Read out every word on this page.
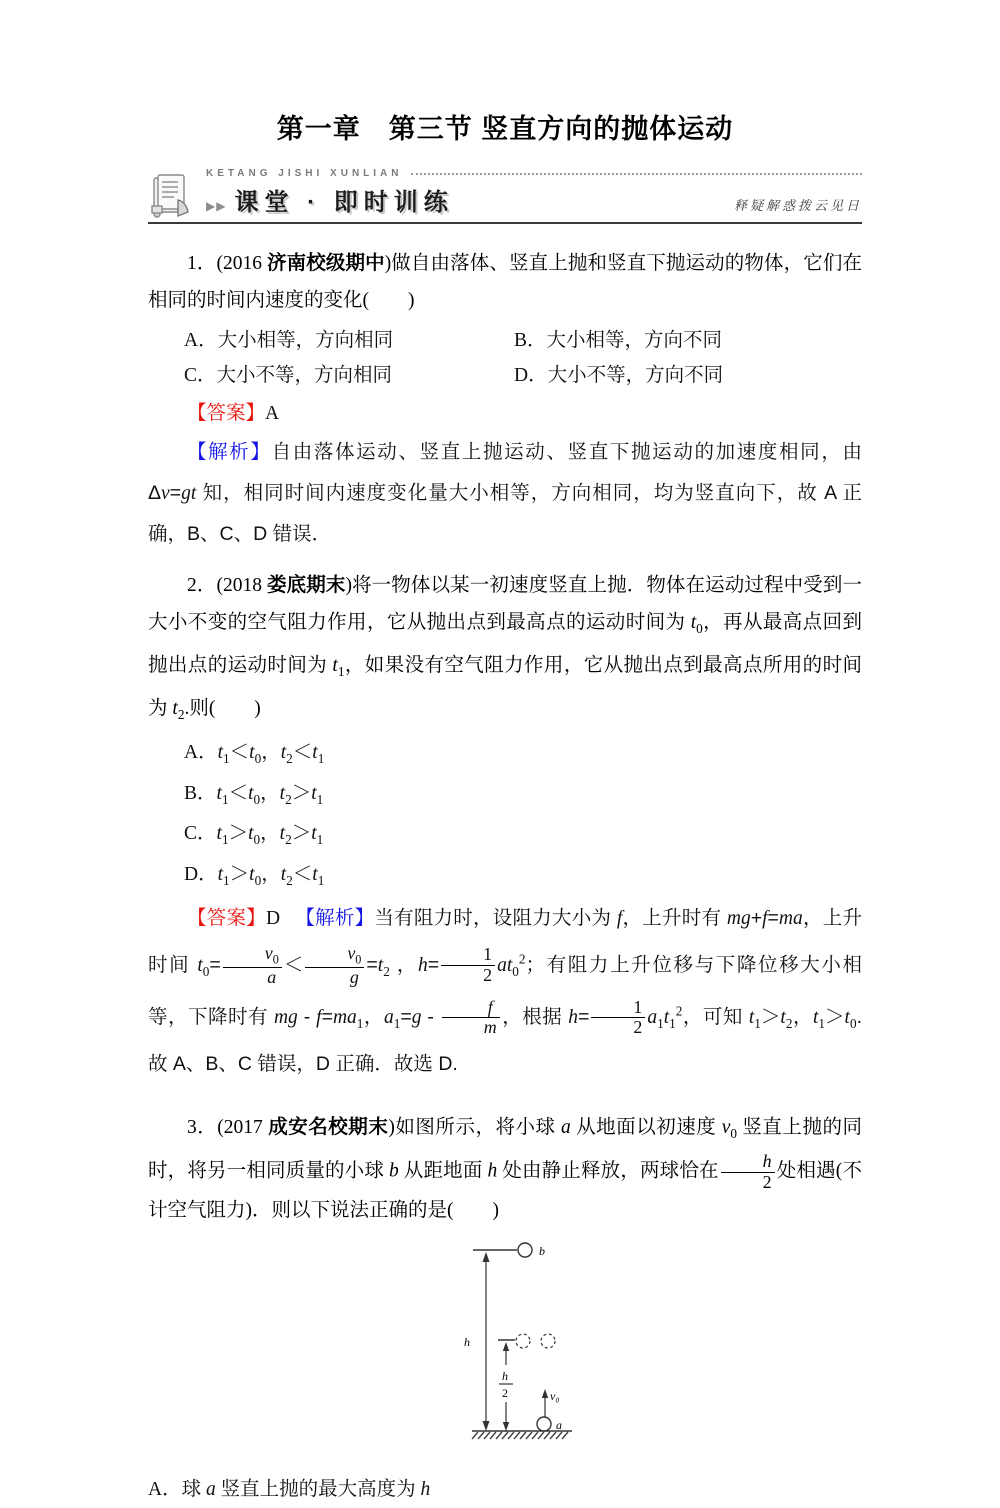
第一章　第三节 竖直方向的抛体运动
KETANG JISHI XUNLIAN
▶▶ 课堂 · 即时训练	释疑解惑拨云见日

1．(2016 济南校级期中)做自由落体、竖直上抛和竖直下抛运动的物体，它们在相同的时间内速度的变化(　　)

A．大小相等，方向相同	B．大小相等，方向不同
C．大小不等，方向相同	D．大小不等，方向不同

【答案】A

【解析】自由落体运动、竖直上抛运动、竖直下抛运动的加速度相同，由 Δv=gt 知，相同时间内速度变化量大小相等，方向相同，均为竖直向下，故 A 正确，B、C、D 错误．

2．(2018 娄底期末)将一物体以某一初速度竖直上抛．物体在运动过程中受到一大小不变的空气阻力作用，它从抛出点到最高点的运动时间为 $t_0$，再从最高点回到抛出点的运动时间为 $t_1$，如果没有空气阻力作用，它从抛出点到最高点所用的时间为 $t_2$.则(　　)

A．$t_1<t_0$，$t_2<t_1$

B．$t_1<t_0$，$t_2>t_1$

C．$t_1>t_0$，$t_2>t_1$

D．$t_1>t_0$，$t_2<t_1$

【答案】D 【解析】当有阻力时，设阻力大小为 f，上升时有 mg+f=ma，上升时间 $t_0= \frac{v_0}{a} < \frac{v_0}{g} =t_2$ ，$h= \frac{1}{2} at_0^2$；有阻力上升位移与下降位移大小相等，下降时有 mg - $f=ma_1$，$a_1=g - \frac{f}{m}$ ，根据 $h= \frac{1}{2} a_1t_1^2$，可知 $t_1>t_2$，$t_1>t_0$.故 A、B、C 错误，D 正确．故选 D.

3．(2017 成安名校期末)如图所示，将小球 a 从地面以初速度 $v_0$ 竖直上抛的同时，将另一相同质量的小球 b 从距地面 h 处由静止释放，两球恰在 $\frac{h}{2}$ 处相遇(不计空气阻力)．则以下说法正确的是(　　)

b
h
h
2	v₀
a

A．球 a 竖直上抛的最大高度为 h
